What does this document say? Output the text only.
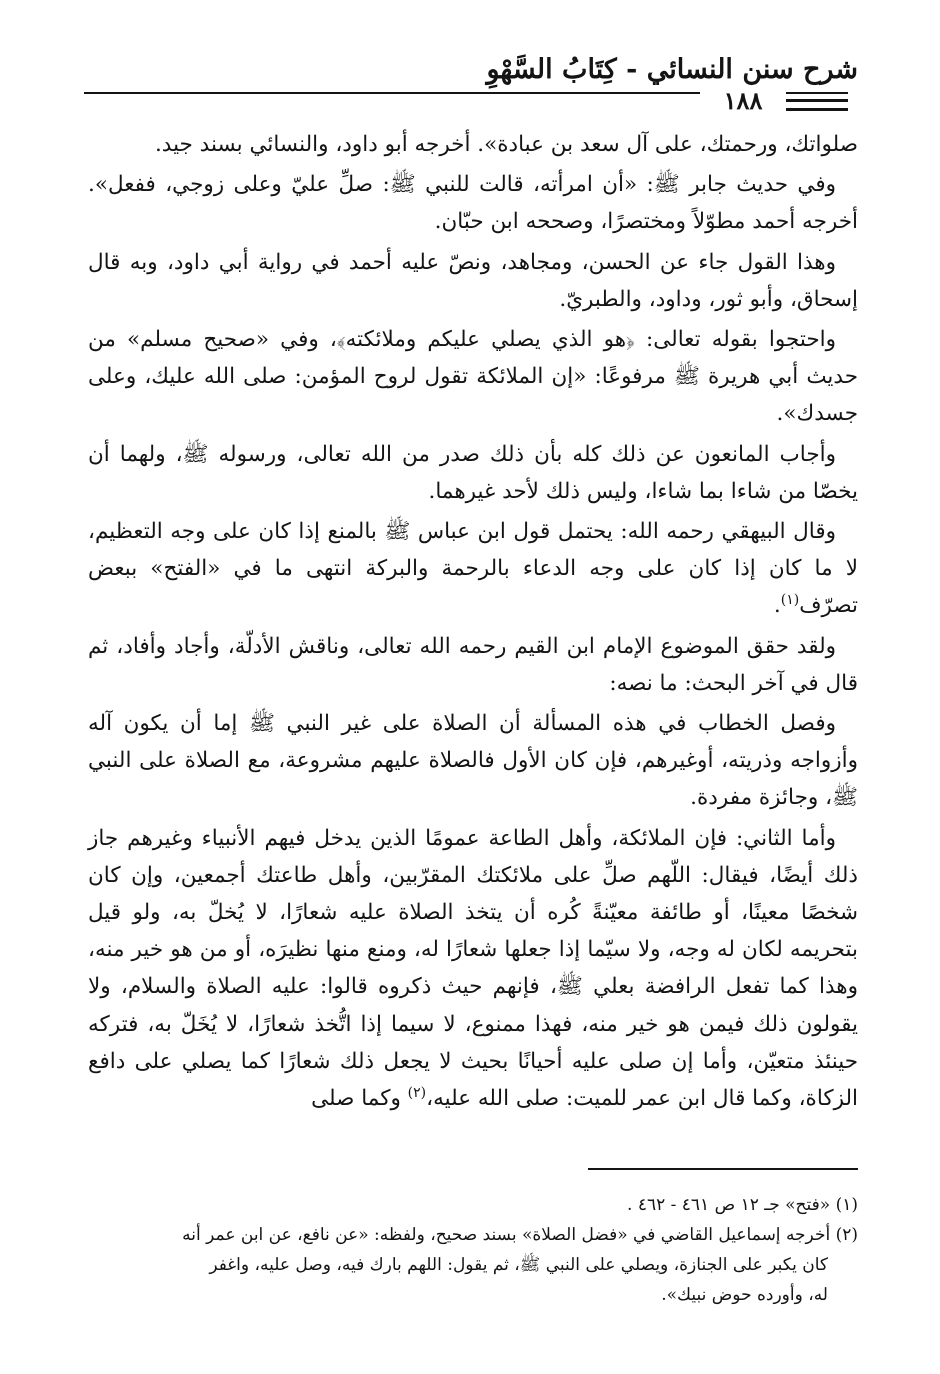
شرح سنن النسائي - كِتَابُ السَّهْوِ
١٨٨

صلواتك، ورحمتك، على آل سعد بن عبادة». أخرجه أبو داود، والنسائي بسند جيد.

وفي حديث جابر ﷺ: «أن امرأته، قالت للنبي ﷺ: صلِّ عليّ وعلى زوجي، ففعل». أخرجه أحمد مطوّلاً ومختصرًا، وصححه ابن حبّان.

وهذا القول جاء عن الحسن، ومجاهد، ونصّ عليه أحمد في رواية أبي داود، وبه قال إسحاق، وأبو ثور، وداود، والطبريّ.

واحتجوا بقوله تعالى: ﴿هو الذي يصلي عليكم وملائكته﴾، وفي «صحيح مسلم» من حديث أبي هريرة ﷺ مرفوعًا: «إن الملائكة تقول لروح المؤمن: صلى الله عليك، وعلى جسدك».

وأجاب المانعون عن ذلك كله بأن ذلك صدر من الله تعالى، ورسوله ﷺ، ولهما أن يخصّا من شاءا بما شاءا، وليس ذلك لأحد غيرهما.

وقال البيهقي رحمه الله: يحتمل قول ابن عباس ﷺ بالمنع إذا كان على وجه التعظيم، لا ما كان إذا كان على وجه الدعاء بالرحمة والبركة انتهى ما في «الفتح» ببعض تصرّف$^{(١)}$.

ولقد حقق الموضوع الإمام ابن القيم رحمه الله تعالى، وناقش الأدلّة، وأجاد وأفاد، ثم قال في آخر البحث: ما نصه:

وفصل الخطاب في هذه المسألة أن الصلاة على غير النبي ﷺ إما أن يكون آله وأزواجه وذريته، أوغيرهم، فإن كان الأول فالصلاة عليهم مشروعة، مع الصلاة على النبي ﷺ، وجائزة مفردة.

وأما الثاني: فإن الملائكة، وأهل الطاعة عمومًا الذين يدخل فيهم الأنبياء وغيرهم جاز ذلك أيضًا، فيقال: اللّهم صلِّ على ملائكتك المقرّبين، وأهل طاعتك أجمعين، وإن كان شخصًا معينًا، أو طائفة معيّنةً كُره أن يتخذ الصلاة عليه شعارًا، لا يُخلّ به، ولو قيل بتحريمه لكان له وجه، ولا سيّما إذا جعلها شعارًا له، ومنع منها نظيرَه، أو من هو خير منه، وهذا كما تفعل الرافضة بعلي ﷺ، فإنهم حيث ذكروه قالوا: عليه الصلاة والسلام، ولا يقولون ذلك فيمن هو خير منه، فهذا ممنوع، لا سيما إذا اتُّخذ شعارًا، لا يُخَلّ به، فتركه حينئذ متعيّن، وأما إن صلى عليه أحيانًا بحيث لا يجعل ذلك شعارًا كما يصلي على دافع الزكاة، وكما قال ابن عمر للميت: صلى الله عليه،$^{(٢)}$ وكما صلى

(١) «فتح» جـ ١٢ ص ٤٦١ - ٤٦٢ .

(٢) أخرجه إسماعيل القاضي في «فضل الصلاة» بسند صحيح، ولفظه: «عن نافع، عن ابن عمر أنه

كان يكبر على الجنازة، ويصلي على النبي ﷺ، ثم يقول: اللهم بارك فيه، وصل عليه، واغفر

له، وأورده حوض نبيك».
